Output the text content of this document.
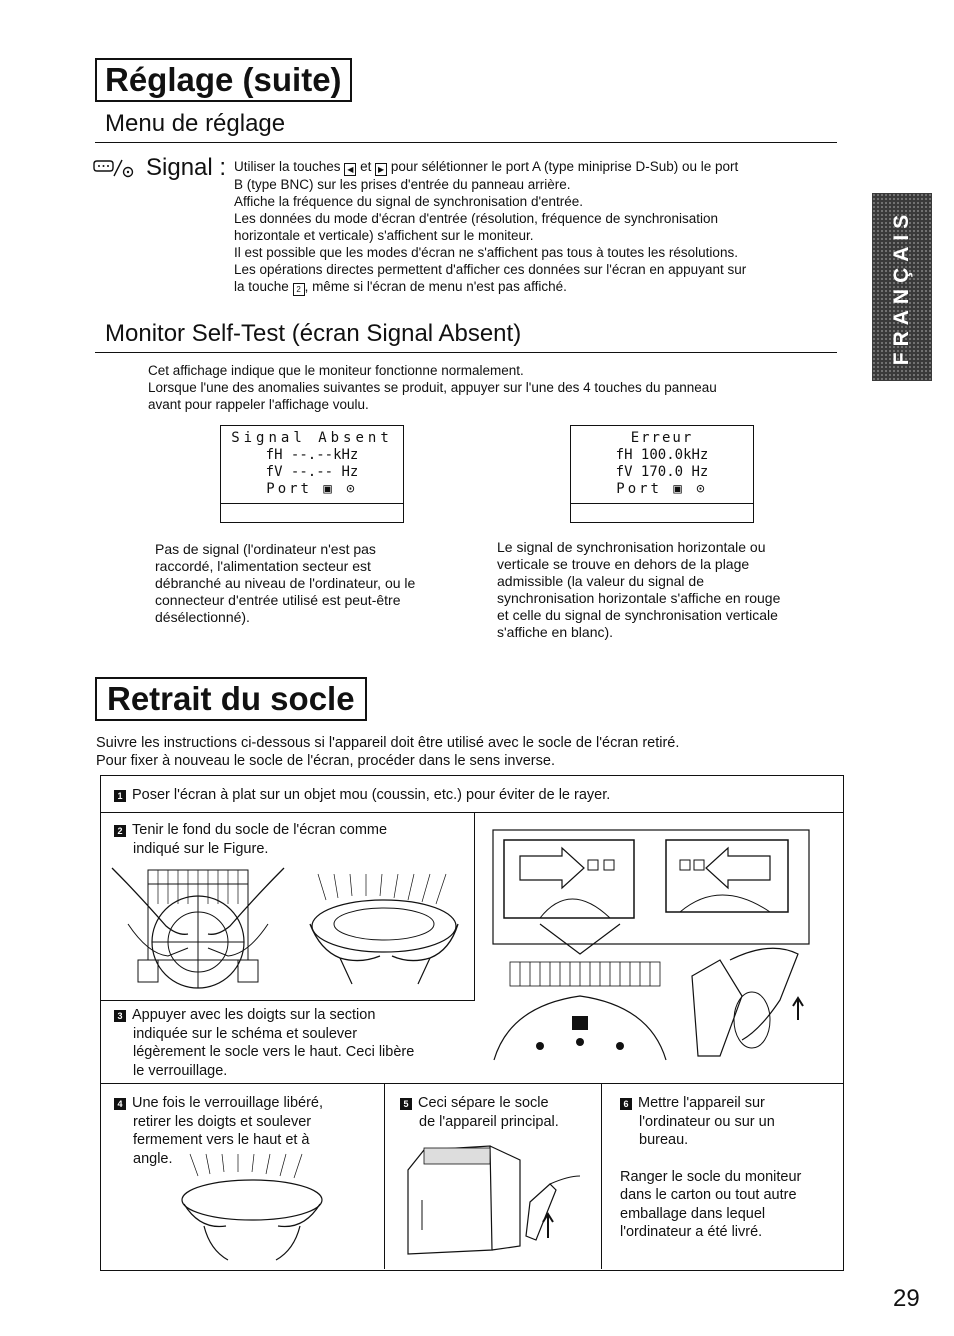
Réglage (suite)
Menu de réglage
Signal : Utiliser la touches ◀ et ▶ pour sélétionner le port A (type miniprise D-Sub) ou le port
B (type BNC) sur les prises d'entrée du panneau arrière.
Affiche la fréquence du signal de synchronisation d'entrée.
Les données du mode d'écran d'entrée (résolution, fréquence de synchronisation
horizontale et verticale) s'affichent sur le moniteur.
Il est possible que les modes d'écran ne s'affichent pas tous à toutes les résolutions.
Les opérations directes permettent d'afficher ces données sur l'écran en appuyant sur
la touche 2 , même si l'écran de menu n'est pas affiché.	FRANÇAIS
Monitor Self-Test (écran Signal Absent)
Cet affichage indique que le moniteur fonctionne normalement.
Lorsque l'une des anomalies suivantes se produit, appuyer sur l'une des 4 touches du panneau
avant pour rappeler l'affichage voulu.
Signal Absent
fH --.--kHz
fV --.-- Hz
Port ▣ ⊙
Erreur
fH 100.0kHz
fV 170.0 Hz
Port ▣ ⊙
Pas de signal (l'ordinateur n'est pas
raccordé, l'alimentation secteur est
débranché au niveau de l'ordinateur, ou le
connecteur d'entrée utilisé est peut-être
désélectionné).
Le signal de synchronisation horizontale ou
verticale se trouve en dehors de la plage
admissible (la valeur du signal de
synchronisation horizontale s'affiche en rouge
et celle du signal de synchronisation verticale
s'affiche en blanc).
Retrait du socle
Suivre les instructions ci-dessous si l'appareil doit être utilisé avec le socle de l'écran retiré.
Pour fixer à nouveau le socle de l'écran, procéder dans le sens inverse.
1 Poser l'écran à plat sur un objet mou (coussin, etc.) pour éviter de le rayer.
2 Tenir le fond du socle de l'écran comme
indiqué sur le Figure.
3 Appuyer avec les doigts sur la section
indiquée sur le schéma et soulever
légèrement le socle vers le haut. Ceci libère
le verrouillage.
4 Une fois le verrouillage libéré,
retirer les doigts et soulever
fermement vers le haut et à
angle.
5 Ceci sépare le socle
de l'appareil principal.
6 Mettre l'appareil sur
l'ordinateur ou sur un
bureau.
Ranger le socle du moniteur
dans le carton ou tout autre
emballage dans lequel
l'ordinateur a été livré.
29
